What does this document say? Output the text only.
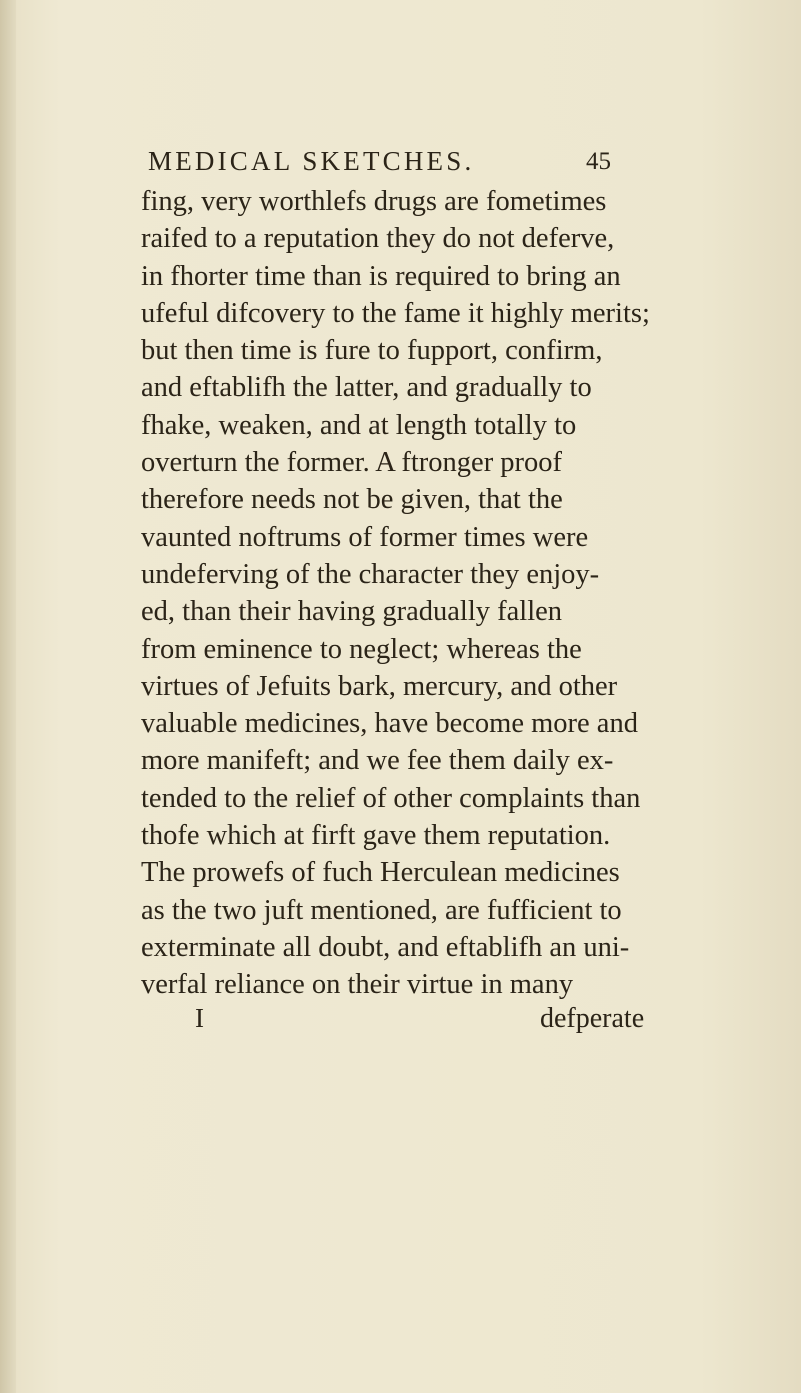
MEDICAL SKETCHES.	45
fing, very worthlefs drugs are fometimes
raifed to a reputation they do not deferve,
in fhorter time than is required to bring an
ufeful difcovery to the fame it highly merits;
but then time is fure to fupport, confirm,
and eftablifh the latter, and gradually to
fhake, weaken, and at length totally to
overturn the former. A ftronger proof
therefore needs not be given, that the
vaunted noftrums of former times were
undeferving of the character they enjoy-
ed, than their having gradually fallen
from eminence to neglect; whereas the
virtues of Jefuits bark, mercury, and other
valuable medicines, have become more and
more manifeft; and we fee them daily ex-
tended to the relief of other complaints than
thofe which at firft gave them reputation.
The prowefs of fuch Herculean medicines
as the two juft mentioned, are fufficient to
exterminate all doubt, and eftablifh an uni-
verfal reliance on their virtue in many
I	defperate
